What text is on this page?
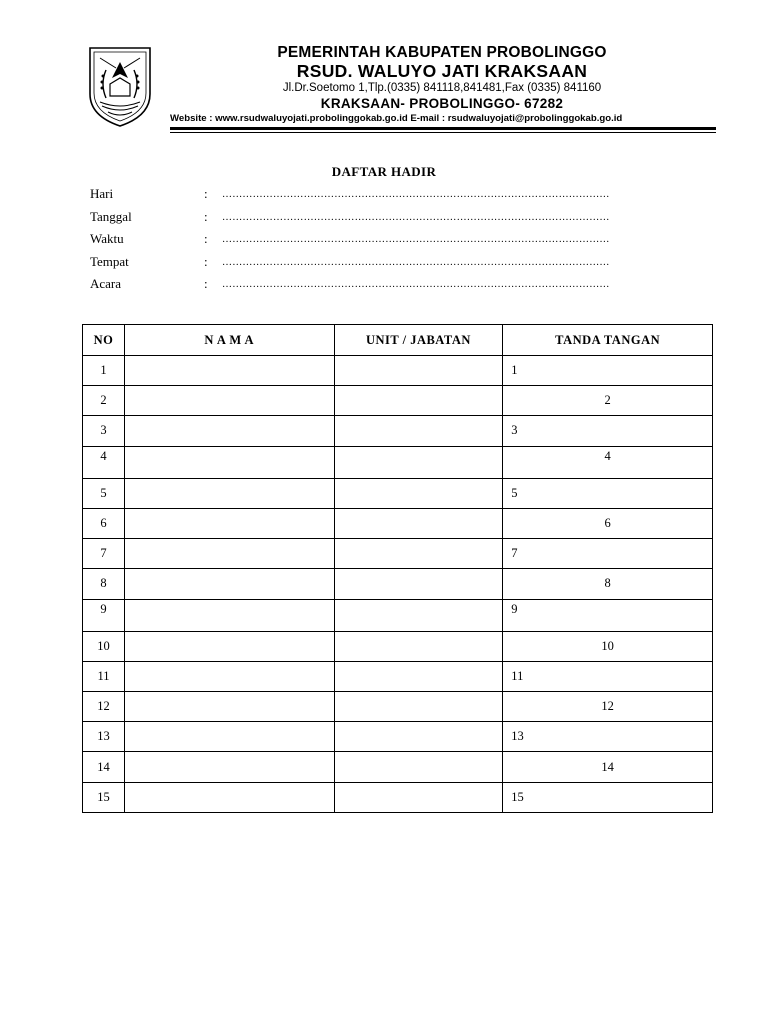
PEMERINTAH KABUPATEN PROBOLINGGO
RSUD. WALUYO JATI KRAKSAAN
Jl.Dr.Soetomo 1,Tlp.(0335) 841118,841481,Fax (0335) 841160
KRAKSAAN- PROBOLINGGO- 67282
Website : www.rsudwaluyojati.probolinggokab.go.id E-mail : rsudwaluyojati@probolinggokab.go.id
DAFTAR HADIR
Hari	: ……………………………………………………………………………………………………
Tanggal	: ……………………………………………………………………………………………………
Waktu	: ……………………………………………………………………………………………………
Tempat	: ……………………………………………………………………………………………………
Acara	: ……………………………………………………………………………………………………
NO	N A M A	UNIT / JABATAN	TANDA TANGAN
1			1
2			2
3			3
4			4
5			5
6			6
7			7
8			8
9			9
10			10
11			11
12			12
13			13
14			14
15			15
